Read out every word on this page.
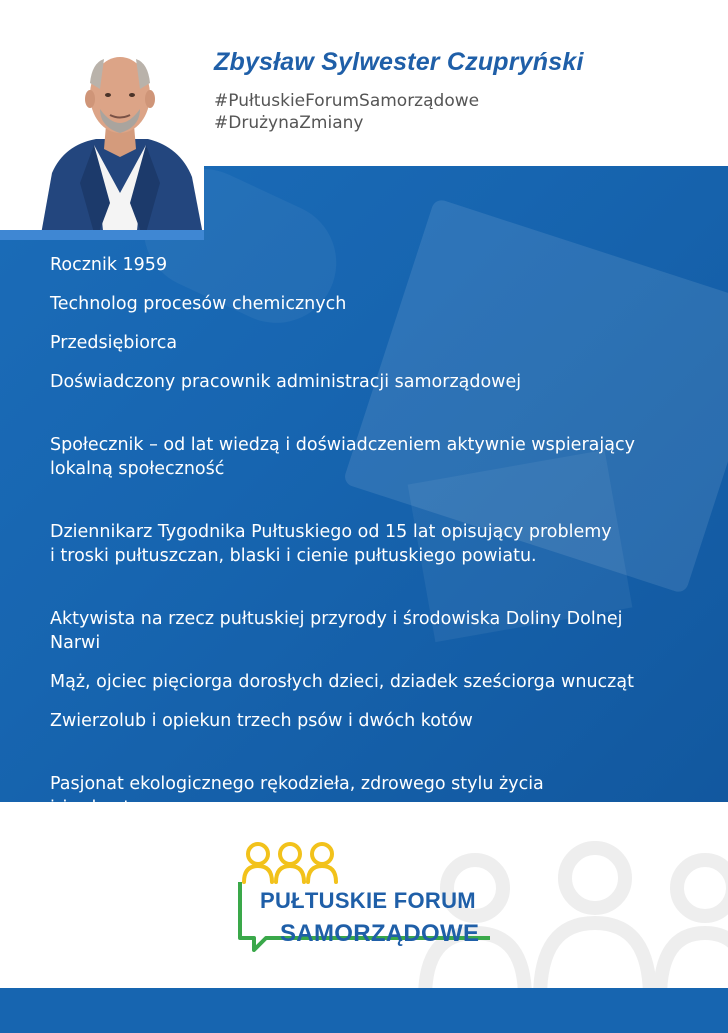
Zbysław Sylwester Czupryński
#PułtuskieForumSamorządowe
#DrużynaZmiany

Rocznik 1959

Technolog procesów chemicznych

Przedsiębiorca

Doświadczony pracownik administracji samorządowej

Społecznik – od lat wiedzą i doświadczeniem aktywnie wspierający
lokalną społeczność

Dziennikarz Tygodnika Pułtuskiego od 15 lat opisujący problemy
i troski pułtuszczan, blaski i cienie pułtuskiego powiatu.

Aktywista na rzecz pułtuskiej przyrody i środowiska Doliny Dolnej
Narwi

Mąż, ojciec pięciorga dorosłych dzieci, dziadek sześciorga wnucząt

Zwierzolub i opiekun trzech psów i dwóch kotów

Pasjonat ekologicznego rękodzieła, zdrowego stylu życia
i żeglarstwa

Wieczny optymista nastawiony na inicjowanie, działanie i usuwanie
przeszkód rozwojowych regionu.

PUŁTUSKIE FORUM
SAMORZĄDOWE
